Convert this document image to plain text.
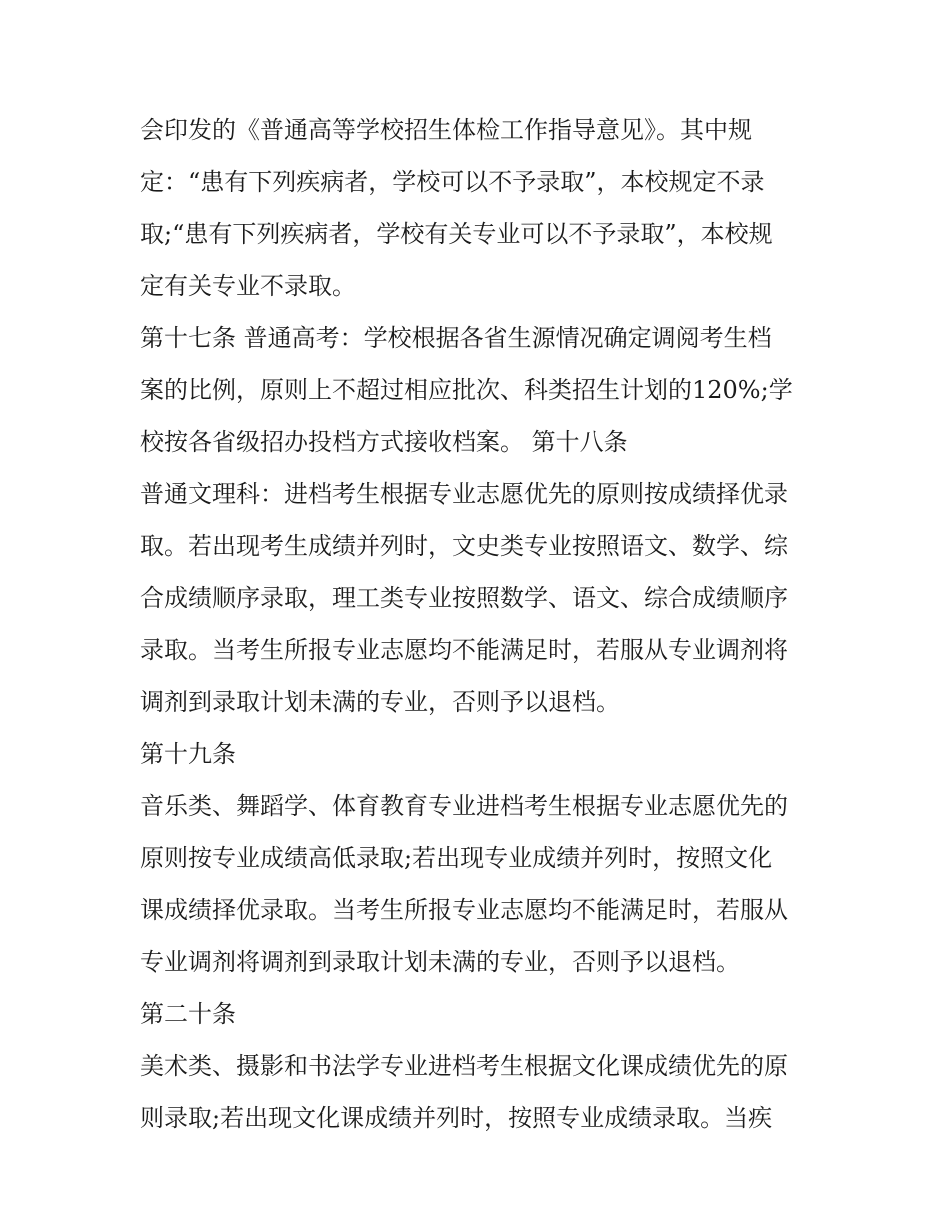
会印发的《普通高等学校招生体检工作指导意见》。其中规
定：“患有下列疾病者，学校可以不予录取”，本校规定不录
取;“患有下列疾病者，学校有关专业可以不予录取”，本校规
定有关专业不录取。
第十七条 普通高考：学校根据各省生源情况确定调阅考生档
案的比例，原则上不超过相应批次、科类招生计划的120%;学
校按各省级招办投档方式接收档案。 第十八条
普通文理科：进档考生根据专业志愿优先的原则按成绩择优录
取。若出现考生成绩并列时，文史类专业按照语文、数学、综
合成绩顺序录取，理工类专业按照数学、语文、综合成绩顺序
录取。当考生所报专业志愿均不能满足时，若服从专业调剂将
调剂到录取计划未满的专业，否则予以退档。
第十九条
音乐类、舞蹈学、体育教育专业进档考生根据专业志愿优先的
原则按专业成绩高低录取;若出现专业成绩并列时，按照文化
课成绩择优录取。当考生所报专业志愿均不能满足时，若服从
专业调剂将调剂到录取计划未满的专业，否则予以退档。
第二十条
美术类、摄影和书法学专业进档考生根据文化课成绩优先的原
则录取;若出现文化课成绩并列时，按照专业成绩录取。当疾
